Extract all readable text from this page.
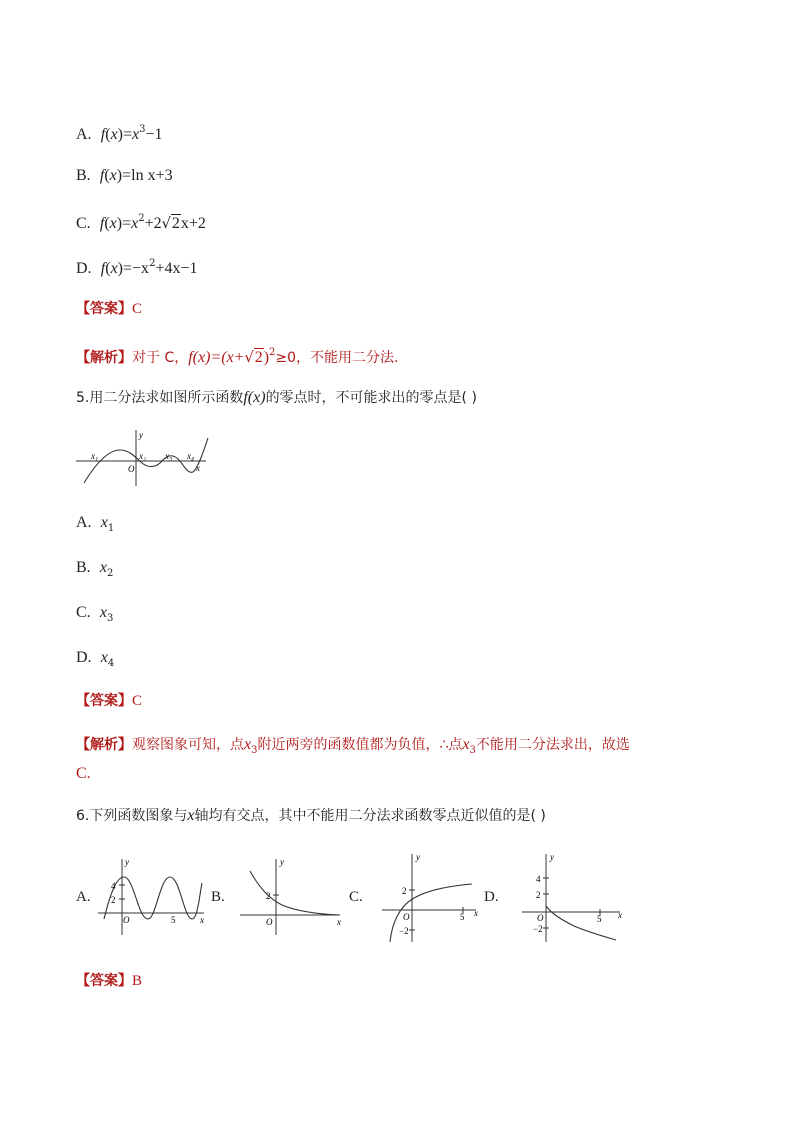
A. $f(x)=x^3-1$
B. f(x)=ln x+3
C. $f(x)=x^2+2√2x+2$
D. $f(x)=-x^2+4x-1$
【答案】C
【解析】对于 C，$f(x)=(x+√2)^2\ge 0$，不能用二分法．
5.用二分法求如图所示函数f(x)的零点时，不可能求出的零点是( )
x₁	x₂ x₃ x₄
O	x
y
A. $x_1$
B. $x_2$
C. $x_3$
D. $x_4$
【答案】C
【解析】观察图象可知，点$x_3$附近两旁的函数值都为负值，∴点$x_3$不能用二分法求出，故选
C.
6.下列函数图象与x轴均有交点，其中不能用二分法求函数零点近似值的是( )
A.
4
2
5
O	x
y
B.	2
O	x
y
C.	2
−2
5
O	x
y
D.
4
2
−2
5
O	x
y
【答案】B
